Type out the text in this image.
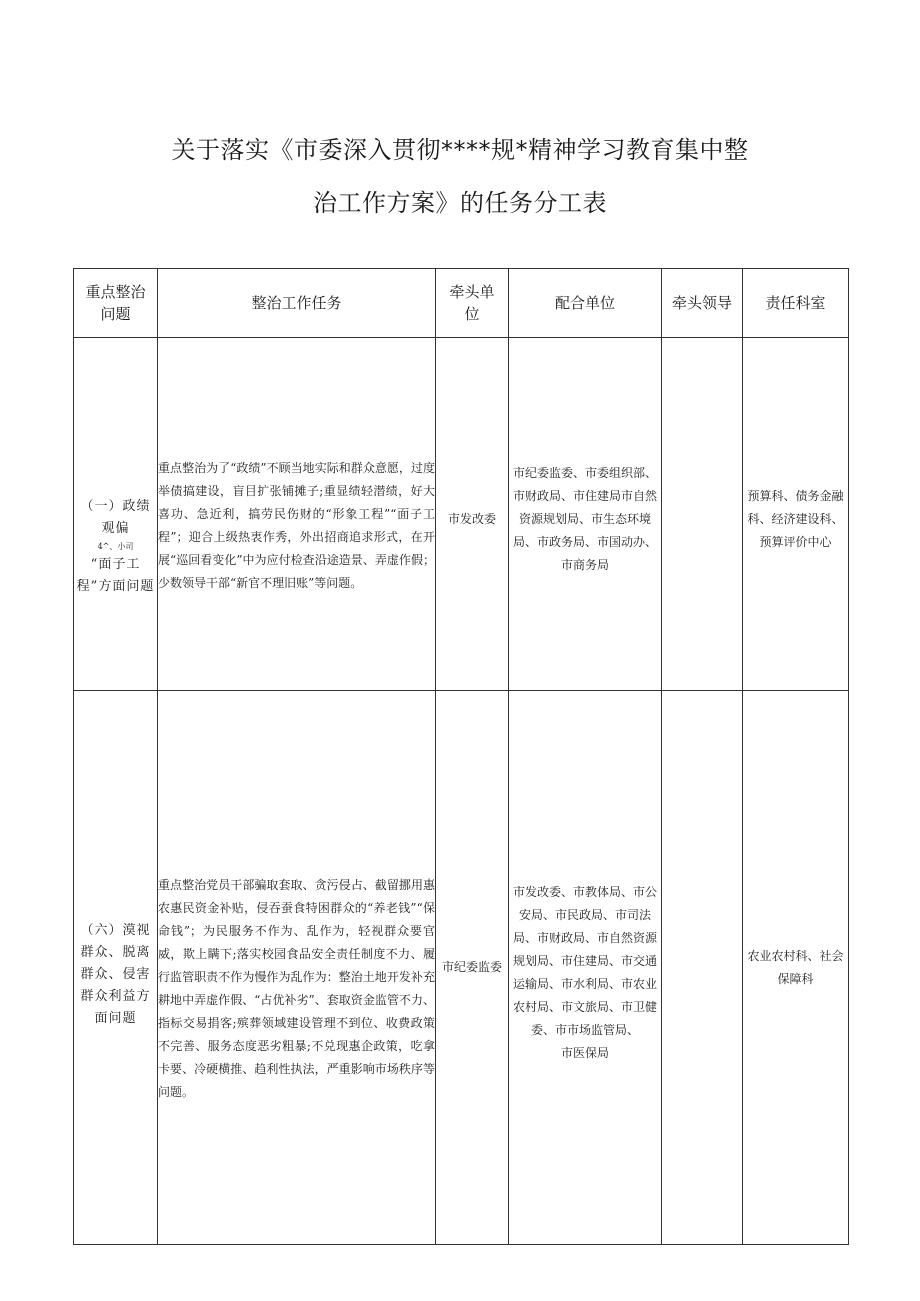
关于落实《市委深入贯彻****规*精神学习教育集中整
治工作方案》的任务分工表
重点整治问题	整治工作任务	牵头单位	配合单位	牵头领导	责任科室

（一）政绩观偏
4^、小司
“面子工程”方面问题	重点整治为了“政绩”不顾当地实际和群众意愿，过度举债搞建设，盲目扩张铺摊子;重显绩轻潜绩，好大喜功、急近利，搞劳民伤财的“形象工程”“面子工程”；迎合上级热衷作秀，外出招商追求形式，在开展“巡回看变化”中为应付检查沿途造景、弄虚作假；少数领导干部“新官不理旧账”等问题。	市发改委	市纪委监委、市委组织部、市财政局、市住建局市自然资源规划局、市生态环境局、市政务局、市国动办、市商务局		预算科、债务金融科、经济建设科、预算评价中心

（六）漠视群众、脱离群众、侵害群众利益方面问题	重点整治党员干部骗取套取、贪污侵占、截留挪用惠农惠民资金补贴，侵吞蚕食特困群众的“养老钱”“保命钱”；为民服务不作为、乱作为，轻视群众要官威，欺上瞒下;落实校园食品安全责任制度不力、履行监管职责不作为慢作为乱作为：整治土地开发补充耕地中弄虚作假、“占优补劣”、套取资金监管不力、指标交易捐客;殡葬领域建设管理不到位、收费政策不完善、服务态度恶劣粗暴;不兑现惠企政策，吃拿卡要、冷硬横推、趋利性执法，严重影响市场秩序等问题。	市纪委监委	市发改委、市教体局、市公安局、市民政局、市司法局、市财政局、市自然资源规划局、市住建局、市交通运输局、市水利局、市农业农村局、市文旅局、市卫健委、市市场监管局、
市医保局		农业农村科、社会保障科
